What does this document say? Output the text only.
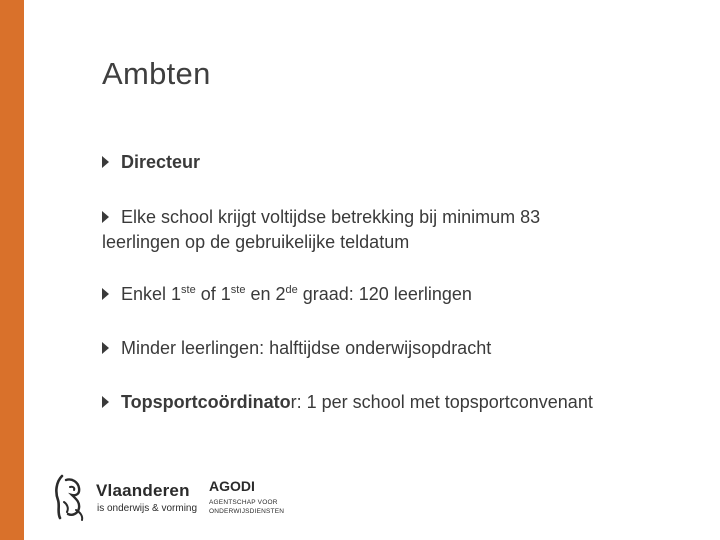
Ambten
Directeur
Elke school krijgt voltijdse betrekking bij minimum 83 leerlingen op de gebruikelijke teldatum
Enkel 1ste of 1ste en 2de graad: 120 leerlingen
Minder leerlingen: halftijdse onderwijsopdracht
Topsportcoördinator: 1 per school met topsportconvenant
Vlaanderen
is onderwijs & vorming
AGODI
AGENTSCHAP VOOR
ONDERWIJSDIENSTEN
